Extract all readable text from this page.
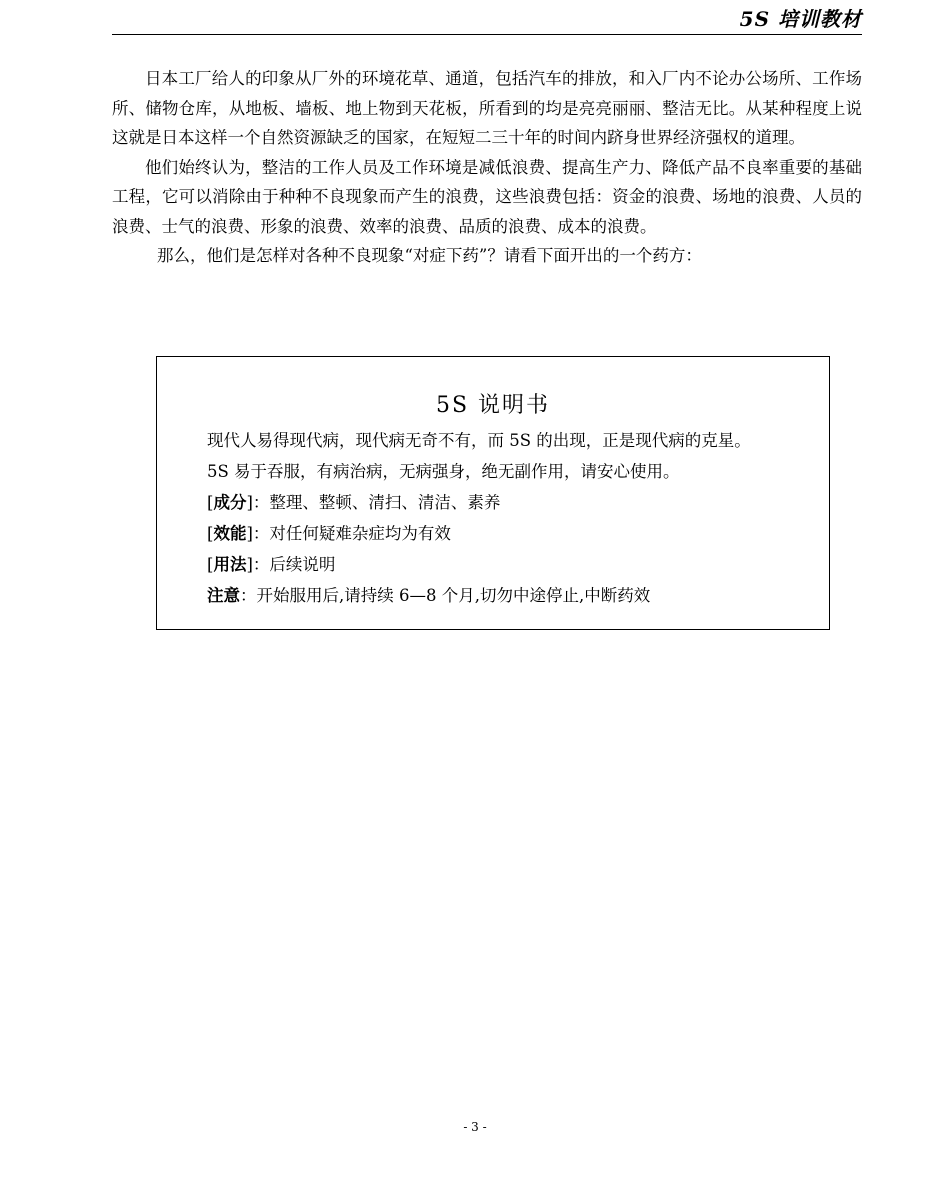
5S 培训教材

日本工厂给人的印象从厂外的环境花草、通道，包括汽车的排放，和入厂内不论办公场所、工作场所、储物仓库，从地板、墙板、地上物到天花板，所看到的均是亮亮丽丽、整洁无比。从某种程度上说这就是日本这样一个自然资源缺乏的国家，在短短二三十年的时间内跻身世界经济强权的道理。

他们始终认为，整洁的工作人员及工作环境是减低浪费、提高生产力、降低产品不良率重要的基础工程，它可以消除由于种种不良现象而产生的浪费，这些浪费包括：资金的浪费、场地的浪费、人员的浪费、士气的浪费、形象的浪费、效率的浪费、品质的浪费、成本的浪费。

那么，他们是怎样对各种不良现象“对症下药”？请看下面开出的一个药方：

5S 说明书
现代人易得现代病，现代病无奇不有，而 5S 的出现，正是现代病的克星。
5S 易于吞服，有病治病，无病强身，绝无副作用，请安心使用。
[成分]：整理、整顿、清扫、清洁、素养
[效能]：对任何疑难杂症均为有效
[用法]：后续说明
注意：开始服用后,请持续 6—8 个月,切勿中途停止,中断药效
- 3 -
